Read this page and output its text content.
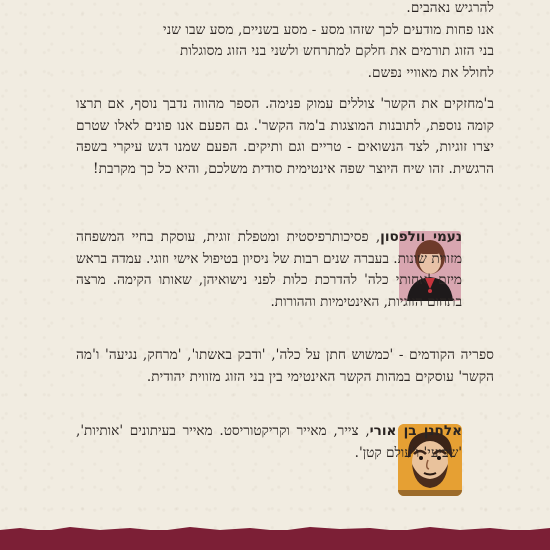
להרגיש נאהבים.
אנו פחות מודעים לכך שזהו מסע - מסע בשניים, מסע שבו שני
בני הזוג תורמים את חלקם למתרחש ולשני בני הזוג מסוגלות
לחולל את מאוויי נפשם.

ב'מחזקים את הקשר' צוללים עמוק פנימה. הספר מהווה נדבך נוסף, אם תרצו קומה נוספת, לתובנות המוצגות ב'מה הקשר'. גם הפעם אנו פונים לאלו שטרם יצרו זוגיות, לצד הנשואים - טריים וגם ותיקים. הפעם שמנו דגש עיקרי בשפה הרגשית. זהו שיח היוצר שפה אינטימית סודית משלכם, והיא כל כך מקרבת!

נעמי וולפסון, פסיכותרפיסטית ומטפלת זוגית, עוסקת בחיי המשפחה מזווית שונות. בעברה שנים רבות של ניסיון בטיפול אישי וזוגי. עמדה בראש מיזם 'אחותי כלה' להדרכת כלות לפני נישואיהן, שאותו הקימה. מרצה בתחום הזוגיות, האינטימיות וההורות.

ספריה הקודמים - 'כמשוש חתן על כלה', 'ודבק באשתו', 'מרחק, נגיעה' ו'מה הקשר' עוסקים במהות הקשר האינטימי בין בני הזוג מזווית יהודית.

אלחנן בן אורי, צייר, מאייר וקריקטוריסט. מאייר בעיתונים 'אותיות', 'שביעי' ו'עולם קטן'.
